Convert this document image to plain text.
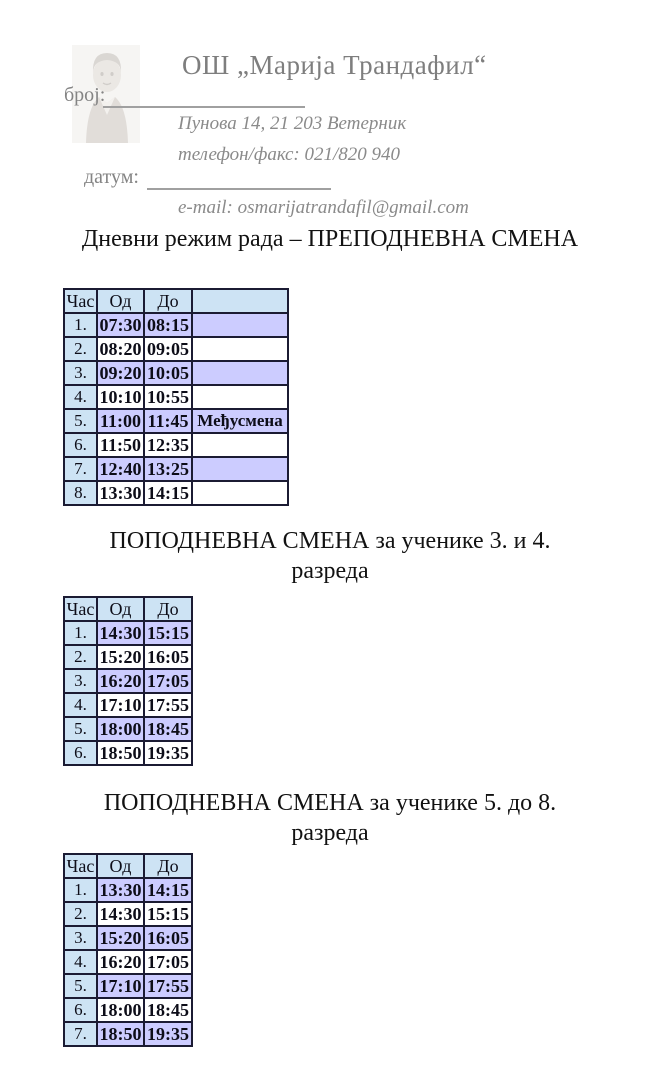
ОШ „Марија Трандафил“
број:
Пунова 14, 21 203 Ветерник
телефон/факс: 021/820 940
датум:
e-mail: osmarijatrandafil@gmail.com
Дневни режим рада – ПРЕПОДНЕВНА СМЕНА
Час	Од	До	
1.	07:30	08:15	
2.	08:20	09:05	
3.	09:20	10:05	
4.	10:10	10:55	
5.	11:00	11:45	Међусмена
6.	11:50	12:35	
7.	12:40	13:25	
8.	13:30	14:15	
ПОПОДНЕВНА СМЕНА за ученике 3. и 4. разреда
Час	Од	До
1.	14:30	15:15
2.	15:20	16:05
3.	16:20	17:05
4.	17:10	17:55
5.	18:00	18:45
6.	18:50	19:35
ПОПОДНЕВНА СМЕНА за ученике 5. до 8. разреда
Час	Од	До
1.	13:30	14:15
2.	14:30	15:15
3.	15:20	16:05
4.	16:20	17:05
5.	17:10	17:55
6.	18:00	18:45
7.	18:50	19:35
